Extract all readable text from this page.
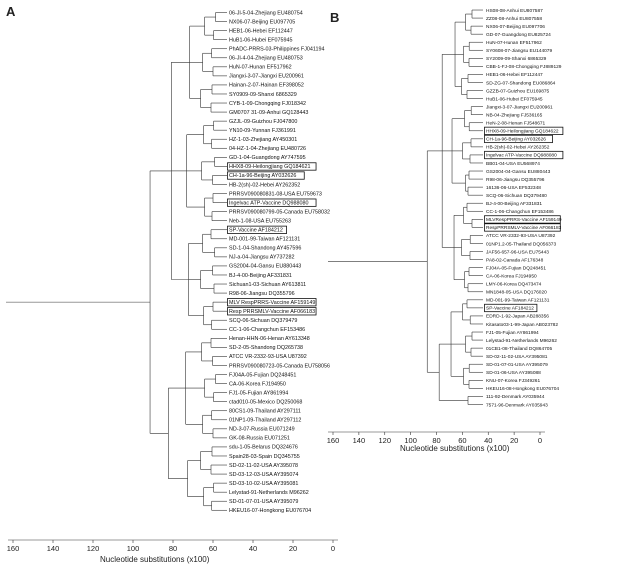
A	B
06-Jl-5-04-Zhejiang EU480754
NX06-07-Beijing EU097705
HEB1-06-Hebei EF112447
HuB1-06-Hubei EF075945
PhADC-PRRS-03-Philippines FJ041194
06-Jl-4-04-Zhejiang EU480753
HuN-07-Hunan EF517962
Jiangxi-3-07-Jiangxi EU200961
Hainan-2-07-Hainan EF398052
SY0909-09-Shanxi 6865329
CYB-1-09-Chongqing FJ018342
GM0707 31-09-Anhui GQ128443
GZJL-09-Guizhou FJ047800
YN10-09-Yunnan FJ361991
HZ-1-03-Zhejiang AY450301
04-HZ-1-04-Zhejiang EU480726
GD-1-04-Guangdong AY747595
HHX8-09-Heilongjiang GQ184621
CH-1a-96-Beijing AY032626
HB-2(sh)-02-Hebei AY262352
PRRSV090080831-08-USA EU759673
Ingelvac ATP-Vaccine DQ988080
PRRSV090080799-05-Canada EU758032
Neb-1-08-USA EU755263
SP-Vaccine AF184212
MD-001-99-Taiwan AF121131
SD-1-04-Shandong AY457596
NJ-a-04-Jiangsu AY737282
GS2004-04-Gansu EU880443
BJ-4-00-Beijing AF331831
Sichuan1-03-Sichuan AY613811
R98-06-Jiangsu DQ355796
MLV RespPRRS-Vaccine AF159149
Resp PRRSMLV-Vaccine AF066183
SCQ-06-Sichuan DQ379479
CC-1-06-Changchun EF153486
Henan-HHN-06-Henan AY613348
SD-2-05-Shandong DQ265738
ATCC VR-2332-93-USA U87392
PRRSV090080723-05-Canada EU758056
FJ04A-05-Fujian DQ248451
CA-06-Korea FJ194950
FJ1-05-Fujian AY861994
ctad010-05-Mexico DQ250068
80CS1-09-Thailand AY297111
01NP1-09-Thailand AY297112
ND-3-07-Russia EU071249
GK-08-Russia EU071251
sdu-1-05-Belarus DQ324676
Spain28-03-Spain DQ345755
SD-02-11-02-USA AY395078
SD-03-12-03-USA AY395074
SD-03-10-02-USA AY395081
Lelystad-91-Netherlands M96262
SD-01-07-01-USA AY395079
HKEU16-07-Hongkong EU076704
HS08-08-Anhui EU807587
ZZ08-08-Anhui EU807558
NX06-07-Beijing EU097706
GD-07-Guangdong EU825724
HuN-07-Hunan EF517962
SY0608-07-Jiangsu EU144079
SY2009-09-Shanxi 6865329
CBB-1-FJ-08-Chongqing FJ889129
HEB1-06-Hebei EF112447
SD-ZG-07-Shandong EU086864
GZZB-07-Guizhou EU169875
HuB1-06-Hubei EF075945
Jiangxi-3-07-Jiangxi EU200961
NB-04-Zhejiang FJ536165
HeN-2-08-Henan FJ548671
HHX8-09-Heilongjiang GQ184622
CH-1a-96-Beijing AY032626
HB-2(sh)-02-Hebei AY262352
Ingelvac ATP-Vaccine DQ988080
BB01-04-USA EU568974
GS2004-04-Gansu EU880443
R98-06-Jiangsu DQ355796
16136-06-USA EF532348
SCQ-06-Sichuan DQ379480
BJ-4-00-Beijing AF331831
CC-1-06-Changchun EF153486
MLVRespPRRS-Vaccine AF159149
RespPRRSMLV-Vaccine AF066183
ATCC VR-2332-93-USA U87392
01NP1.2-05-Thailand DQ056373
JAF56-657-96-USA EU75443
PA8-02-Canada AF176348
FJ04A-05-Fujian DQ248451
CA-06-Korea FJ194950
LMY-06-Korea DQ473474
MN1848-05-USA DQ176020
MD-001-99-Taiwan AF121131
SP-Vaccine AF184212
EDRD-1-92-Japan AB288356
Kitasato03-1-99-Japan AB023782
FJ1-05-Fujian AY861994
Lelystad-91-Netherlands M96262
01CB1-08-Thailand DQ864705
SD-02-11-02-USA AY395081
SD-01-07-01-USA AY395079
SD-01-06-USA AY395088
KNU-07-Korea FJ349261
HKEU16-08-Hongkong EU076704
111-92-Denmark AY035944
7571-96-Denmark AY035943
Nucleotide substitutions (x100)
160	140	120	100	80	60	40	20	0
Nucleotide substitutions (x100)
160 140 120 100 80 60 40 20	0
